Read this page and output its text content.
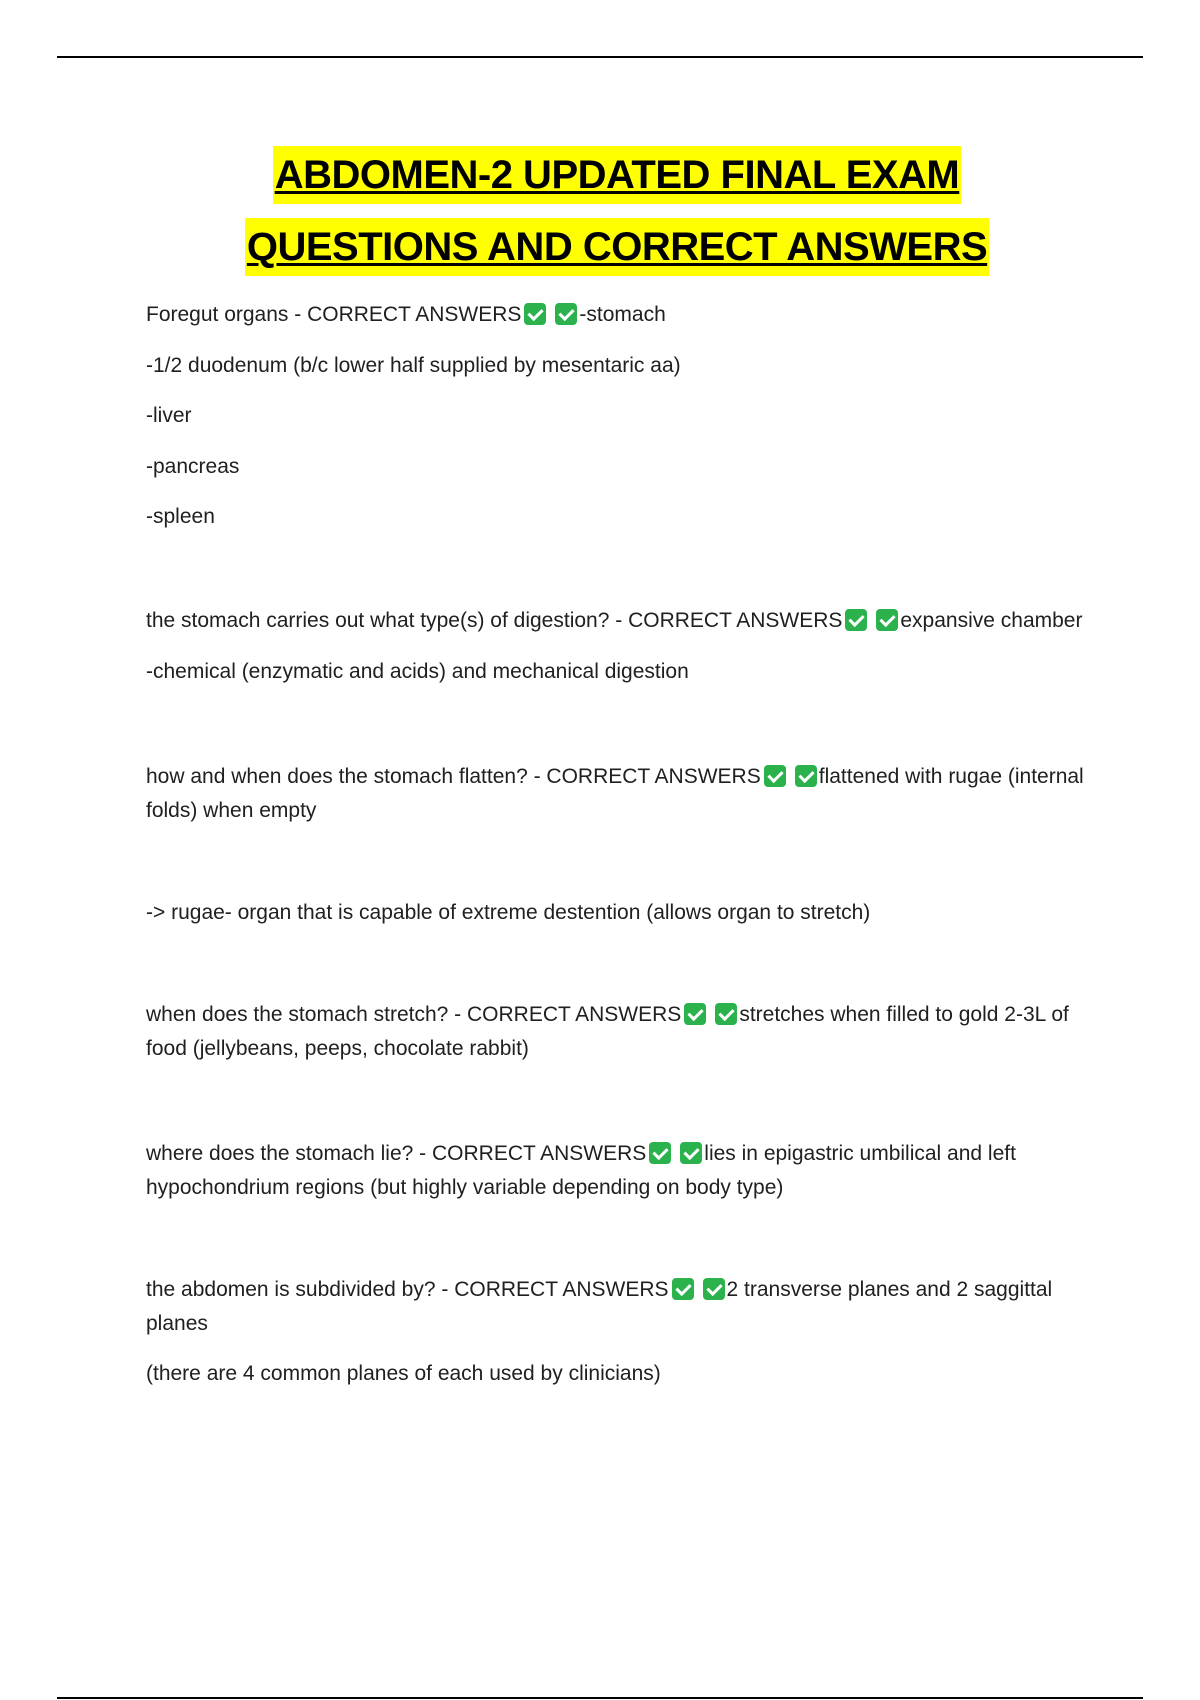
ABDOMEN-2 UPDATED FINAL EXAM
QUESTIONS AND CORRECT ANSWERS

Foregut organs - CORRECT ANSWERS	-stomach

-1/2 duodenum (b/c lower half supplied by mesentaric aa)

-liver

-pancreas

-spleen

the stomach carries out what type(s) of digestion? - CORRECT ANSWERS	expansive chamber

-chemical (enzymatic and acids) and mechanical digestion

how and when does the stomach flatten? - CORRECT ANSWERS	flattened with rugae (internal folds) when empty

-> rugae- organ that is capable of extreme destention (allows organ to stretch)

when does the stomach stretch? - CORRECT ANSWERS	stretches when filled to gold 2-3L of food (jellybeans, peeps, chocolate rabbit)

where does the stomach lie? - CORRECT ANSWERS	lies in epigastric umbilical and left hypochondrium regions (but highly variable depending on body type)

the abdomen is subdivided by? - CORRECT ANSWERS	2 transverse planes and 2 saggittal planes

(there are 4 common planes of each used by clinicians)
